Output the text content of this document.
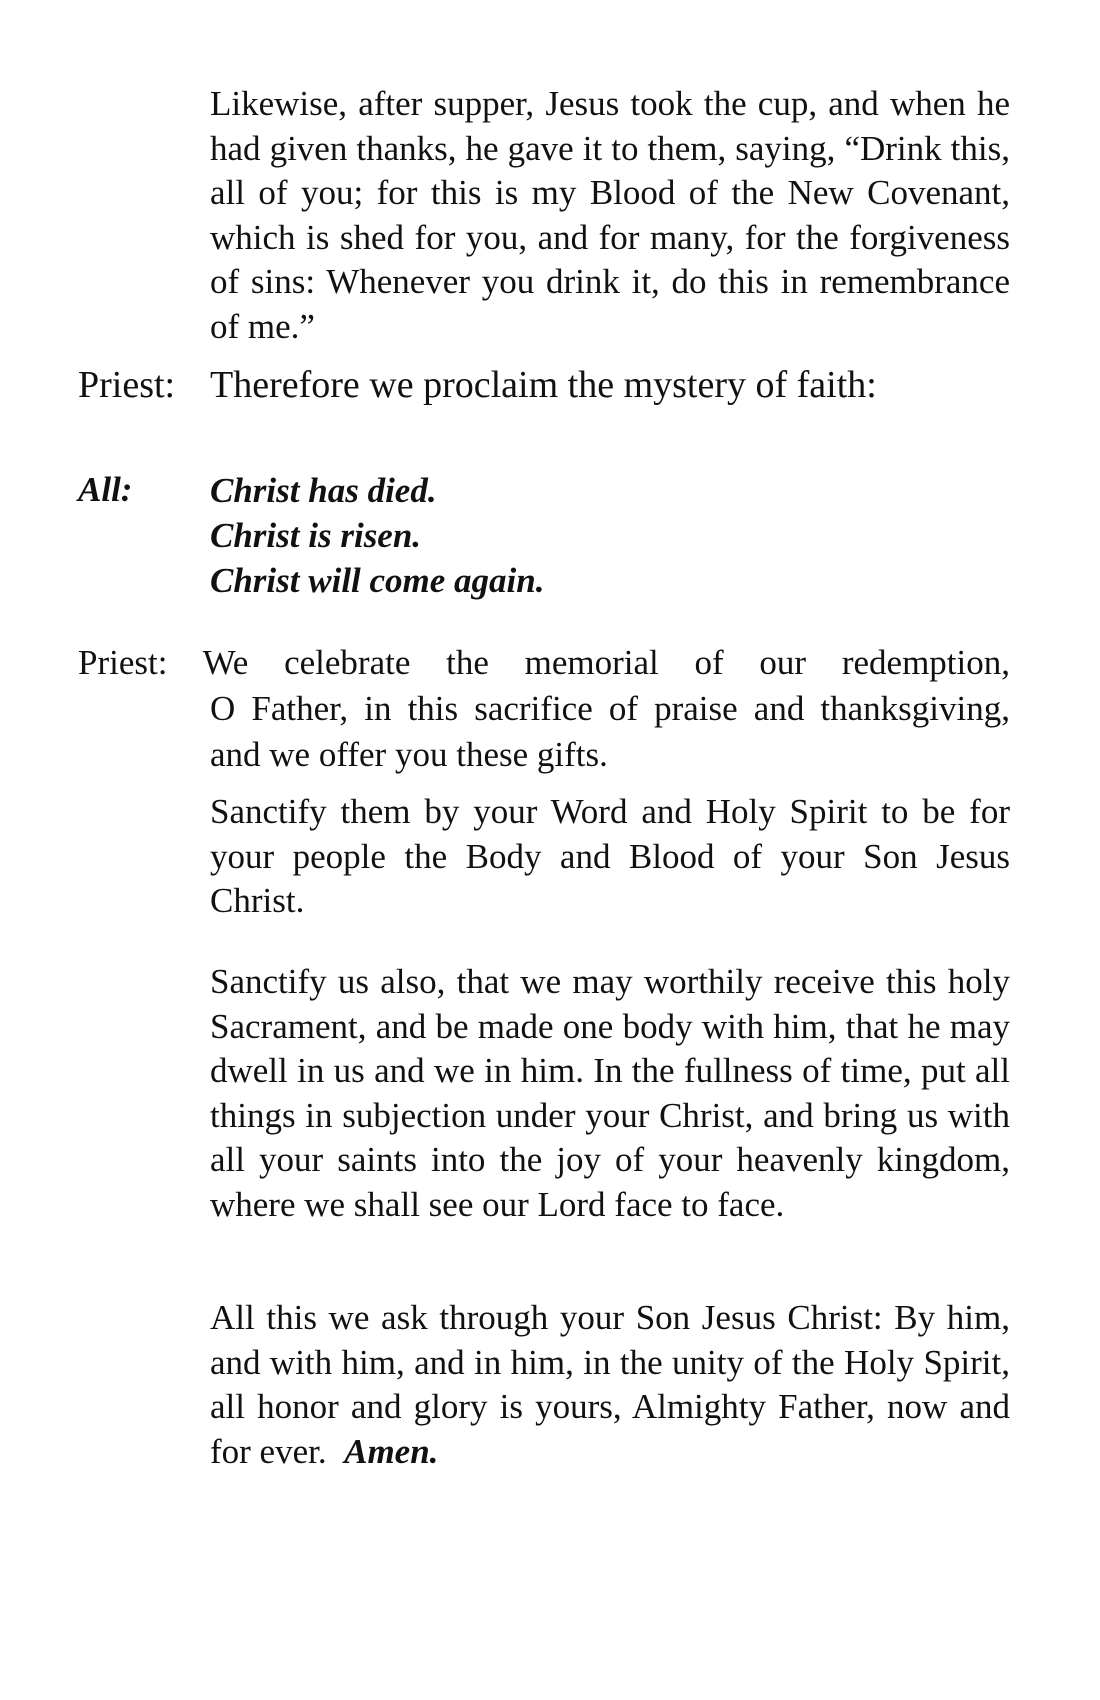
Likewise, after supper, Jesus took the cup, and when he had given thanks, he gave it to them, saying, “Drink this, all of you; for this is my Blood of the New Covenant, which is shed for you, and for many, for the forgiveness of sins: Whenever you drink it, do this in remembrance of me.”

Priest: Therefore we proclaim the mystery of faith:

All: Christ has died.
Christ is risen.
Christ will come again.
Priest: We celebrate the memorial of our redemption,
O Father, in this sacrifice of praise and thanksgiving, and we offer you these gifts.

Sanctify them by your Word and Holy Spirit to be for your people the Body and Blood of your Son Jesus Christ.

Sanctify us also, that we may worthily receive this holy Sacrament, and be made one body with him, that he may dwell in us and we in him. In the fullness of time, put all things in subjection under your Christ, and bring us with all your saints into the joy of your heavenly kingdom, where we shall see our Lord face to face.

All this we ask through your Son Jesus Christ: By him, and with him, and in him, in the unity of the Holy Spirit, all honor and glory is yours, Almighty Father, now and for ever. Amen.
